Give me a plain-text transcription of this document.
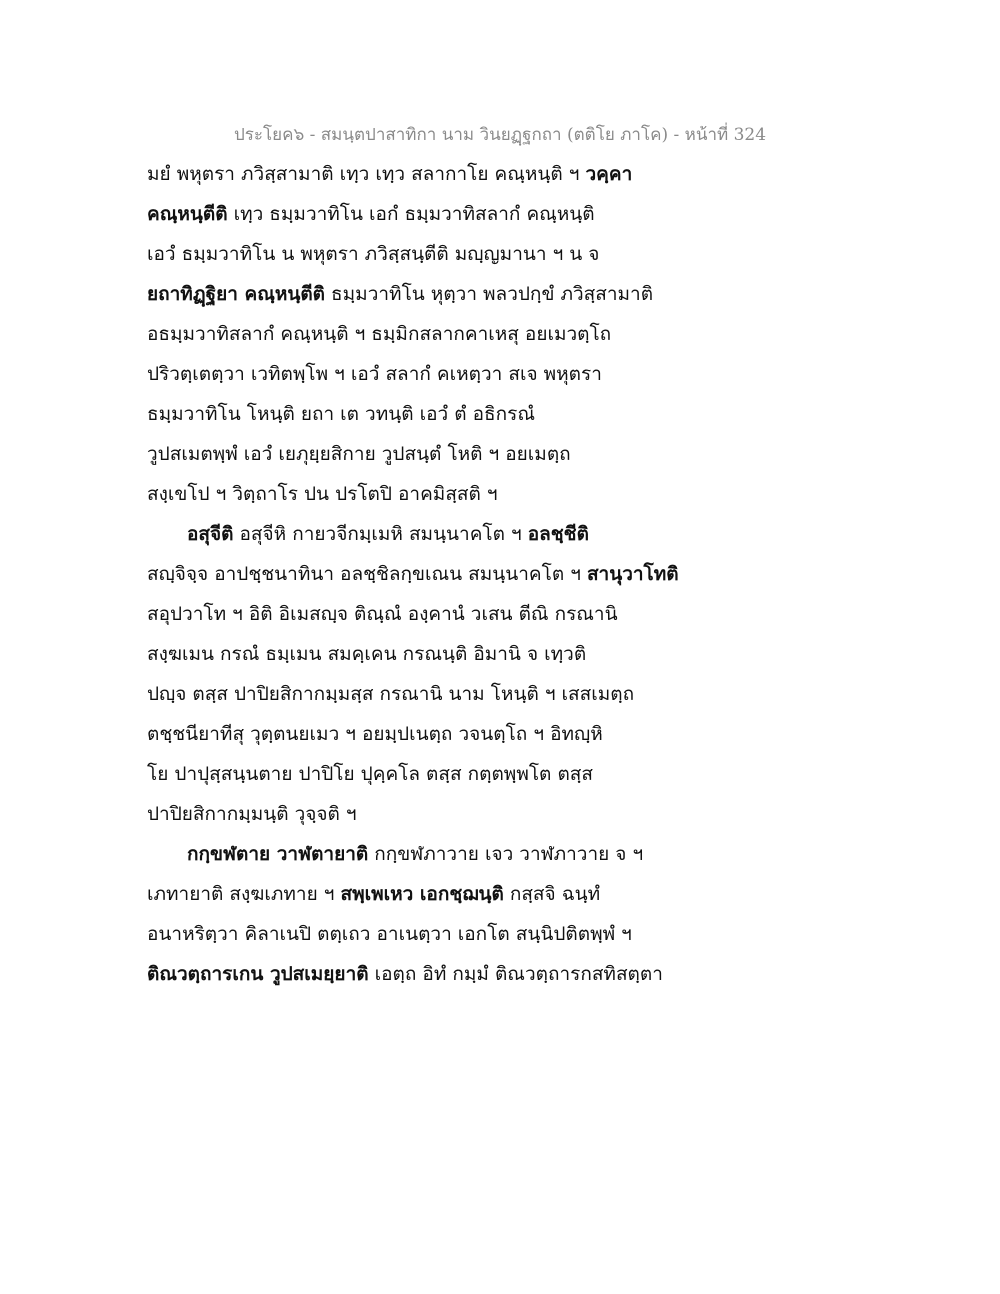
ประโยค๖ - สมนฺตปาสาทิกา นาม วินยฏฺฐกถา (ตติโย ภาโค) - หน้าที่ 324
มยํ พหุตรา ภวิสฺสามาติ เทฺว เทฺว สลากาโย คณฺหนฺติ ฯ วคฺคา
คณฺหนฺตีติ เทฺว ธมฺมวาทิโน เอกํ ธมฺมวาทิสลากํ คณฺหนฺติ
เอวํ ธมฺมวาทิโน น พหุตรา ภวิสฺสนฺตีติ มญฺญมานา ฯ น จ
ยถาทิฏฺฐิยา คณฺหนฺตีติ ธมฺมวาทิโน หุตฺวา พลวปกฺขํ ภวิสฺสามาติ
อธมฺมวาทิสลากํ คณฺหนฺติ ฯ ธมฺมิกสลากคาเหสุ อยเมวตฺโถ
ปริวตฺเตตฺวา เวทิตพฺโพ ฯ เอวํ สลากํ คเหตฺวา สเจ พหุตรา
ธมฺมวาทิโน โหนฺติ ยถา เต วทนฺติ เอวํ ตํ อธิกรณํ
วูปสเมตพฺพํ เอวํ เยภุยฺยสิกาย วูปสนฺตํ โหติ ฯ อยเมตฺถ
สงฺเขโป ฯ วิตฺถาโร ปน ปรโตปิ อาคมิสฺสติ ฯ
อสุจีติ อสุจีหิ กายวจีกมฺเมหิ สมนฺนาคโต ฯ อลชฺชีติ
สญฺจิจฺจ อาปชฺชนาทินา อลชฺชิลกฺขเณน สมนฺนาคโต ฯ สานุวาโทติ
สอุปวาโท ฯ อิติ อิเมสญฺจ ติณฺณํ องฺคานํ วเสน ตีณิ กรณานิ
สงฺฆเมน กรณํ ธมฺเมน สมคฺเคน กรณนฺติ อิมานิ จ เทฺวติ
ปญฺจ ตสฺส ปาปิยสิกากมฺมสฺส กรณานิ นาม โหนฺติ ฯ เสสเมตฺถ
ตชฺชนียาทีสุ วุตฺตนยเมว ฯ อยมฺปเนตฺถ วจนตฺโถ ฯ อิทญฺหิ
โย ปาปุสฺสนฺนตาย ปาปิโย ปุคฺคโล ตสฺส กตฺตพฺพโต ตสฺส
ปาปิยสิกากมฺมนฺติ วุจฺจติ ฯ
กกฺขฬตาย วาฬตายาติ กกฺขฬภาวาย เจว วาฬภาวาย จ ฯ
เภทายาติ สงฺฆเภทาย ฯ สพฺเพเหว เอกชฺฌนฺติ กสฺสจิ ฉนฺทํ
อนาหริตฺวา คิลาเนปิ ตตฺเถว อาเนตฺวา เอกโต สนฺนิปติตพฺพํ ฯ
ติณวตฺถารเกน วูปสเมยฺยาติ เอตฺถ อิทํ กมฺมํ ติณวตฺถารกสทิสตฺตา
